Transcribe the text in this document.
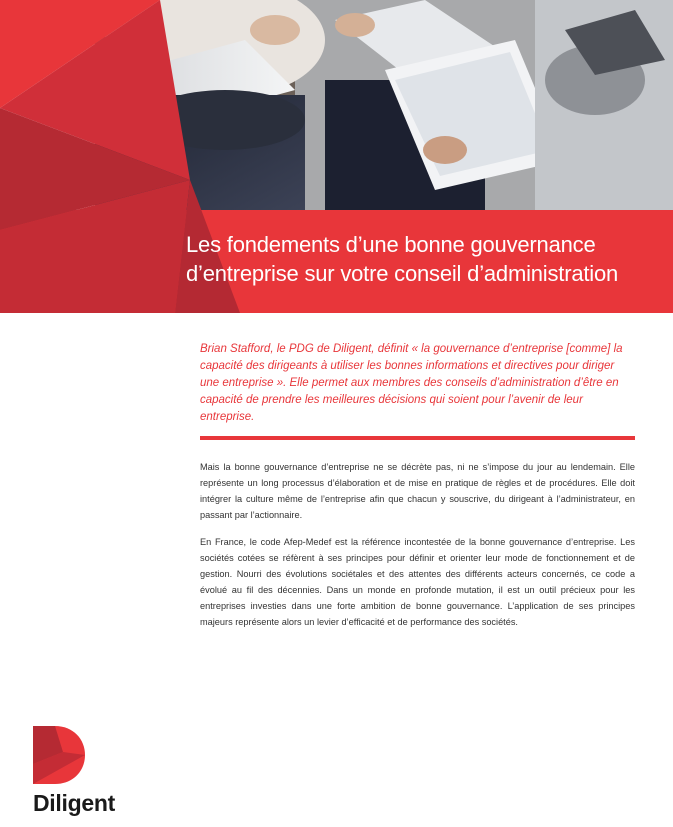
Les fondements d’une bonne gouvernance
d’entreprise sur votre conseil d’administration

Brian Stafford, le PDG de Diligent, définit « la gouvernance d’entreprise [comme] la capacité des dirigeants à utiliser les bonnes informations et directives pour diriger une entreprise ». Elle permet aux membres des conseils d’administration d’être en capacité de prendre les meilleures décisions qui soient pour l’avenir de leur entreprise.

Mais la bonne gouvernance d’entreprise ne se décrète pas, ni ne s’impose du jour au lendemain. Elle représente un long processus d’élaboration et de mise en pratique de règles et de procédures. Elle doit intégrer la culture même de l’entreprise afin que chacun y souscrive, du dirigeant à l’administrateur, en passant par l’actionnaire.

En France, le code Afep-Medef est la référence incontestée de la bonne gouvernance d’entreprise. Les sociétés cotées se réfèrent à ses principes pour définir et orienter leur mode de fonctionnement et de gestion. Nourri des évolutions sociétales et des attentes des différents acteurs concernés, ce code a évolué au fil des décennies. Dans un monde en profonde mutation, il est un outil précieux pour les entreprises investies dans une forte ambition de bonne gouvernance. L’application de ses principes majeurs représente alors un levier d’efficacité et de performance des sociétés.

Diligent
